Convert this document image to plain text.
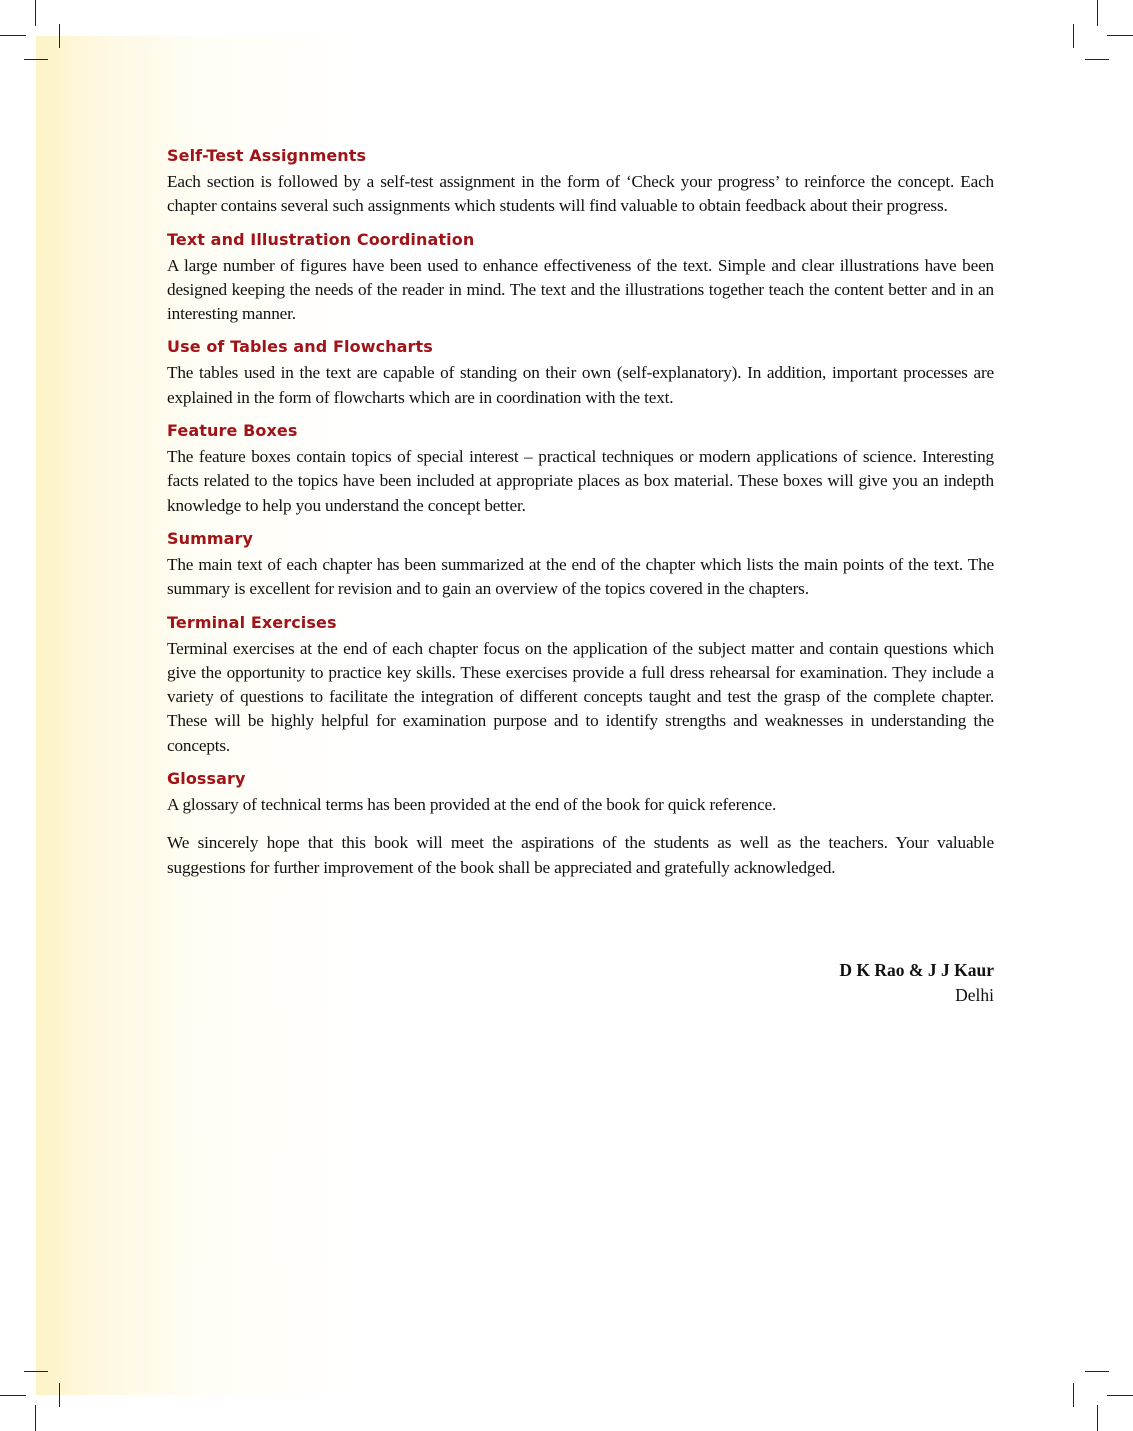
Self-Test Assignments

Each section is followed by a self-test assignment in the form of ‘Check your progress’ to reinforce the concept. Each chapter contains several such assignments which students will find valuable to obtain feedback about their progress.

Text and Illustration Coordination

A large number of figures have been used to enhance effectiveness of the text. Simple and clear illustrations have been designed keeping the needs of the reader in mind. The text and the illustrations together teach the content better and in an interesting manner.

Use of Tables and Flowcharts

The tables used in the text are capable of standing on their own (self-explanatory). In addition, important processes are explained in the form of flowcharts which are in coordination with the text.

Feature Boxes

The feature boxes contain topics of special interest – practical techniques or modern applications of science. Interesting facts related to the topics have been included at appropriate places as box material. These boxes will give you an indepth knowledge to help you understand the concept better.

Summary

The main text of each chapter has been summarized at the end of the chapter which lists the main points of the text. The summary is excellent for revision and to gain an overview of the topics covered in the chapters.

Terminal Exercises

Terminal exercises at the end of each chapter focus on the application of the subject matter and contain questions which give the opportunity to practice key skills. These exercises provide a full dress rehearsal for examination. They include a variety of questions to facilitate the integration of different concepts taught and test the grasp of the complete chapter. These will be highly helpful for examination purpose and to identify strengths and weaknesses in understanding the concepts.

Glossary

A glossary of technical terms has been provided at the end of the book for quick reference.

We sincerely hope that this book will meet the aspirations of the students as well as the teachers. Your valuable suggestions for further improvement of the book shall be appreciated and gratefully acknowledged.

D K Rao & J J Kaur
Delhi
